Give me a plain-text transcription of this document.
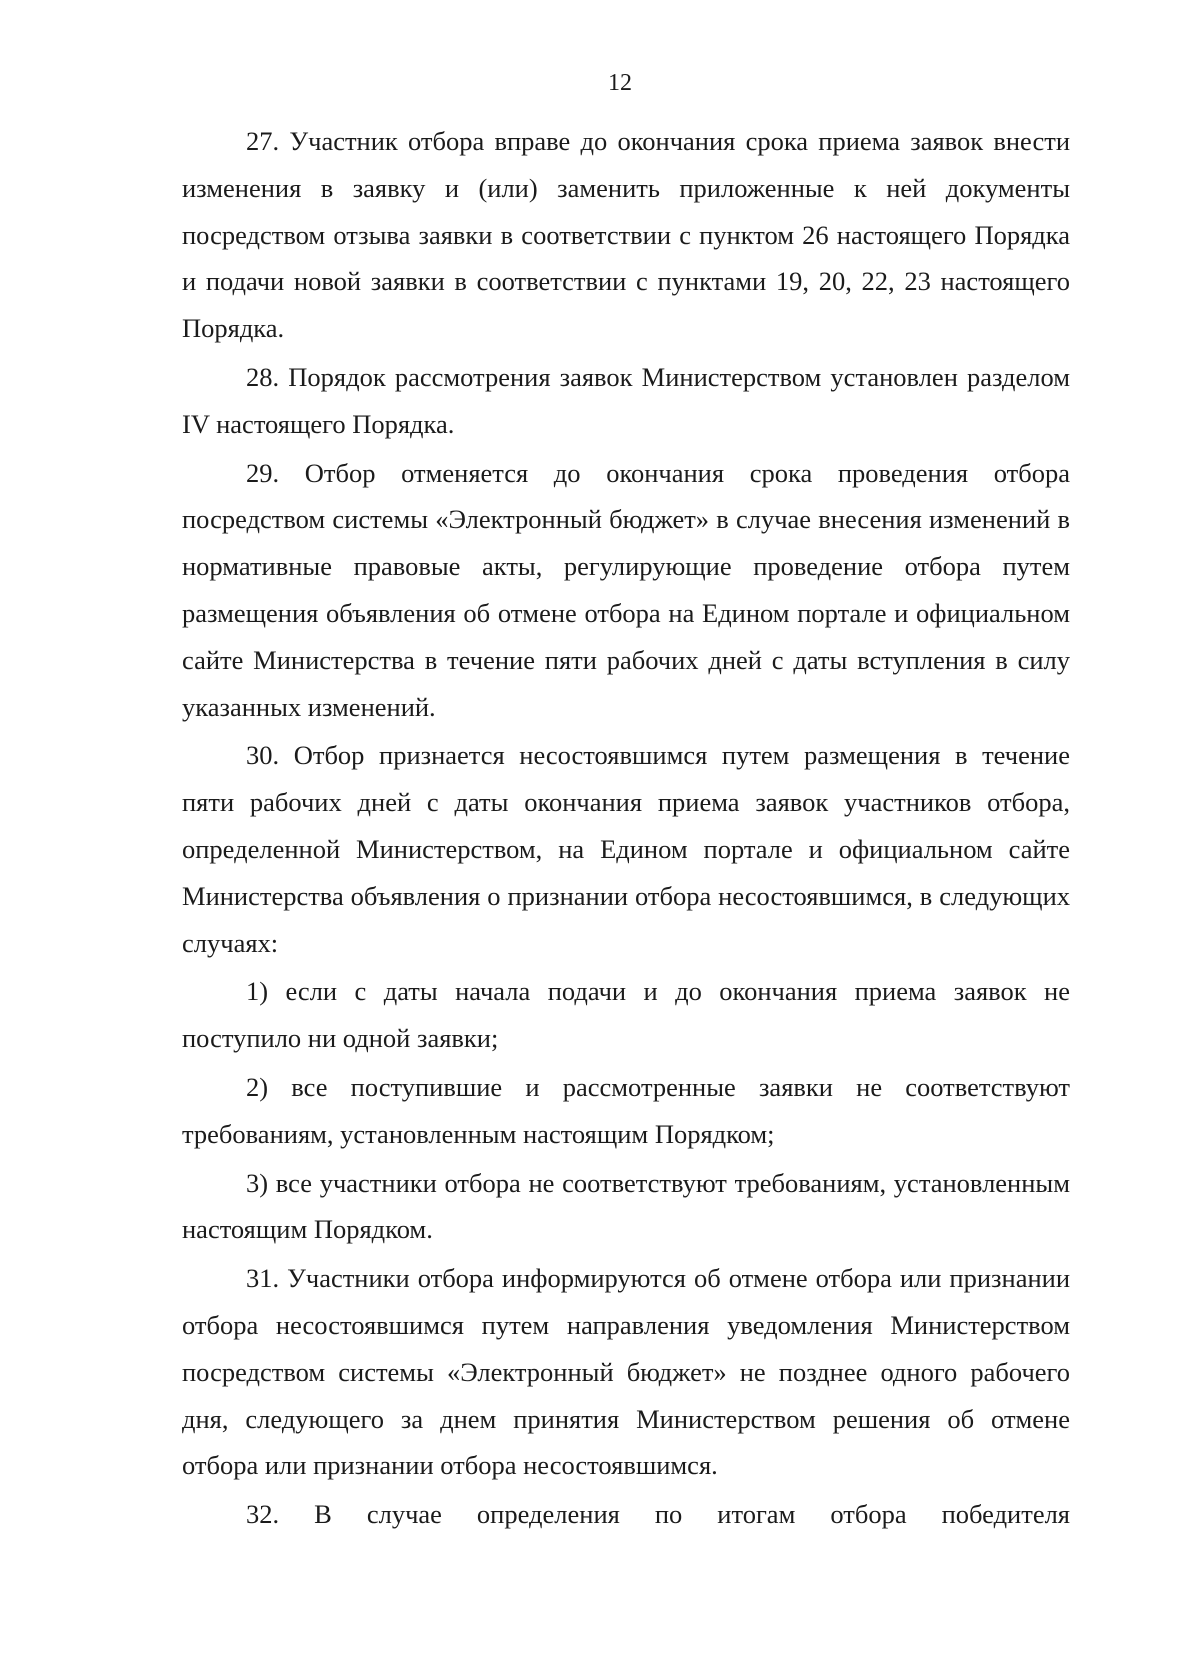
12

27. Участник отбора вправе до окончания срока приема заявок внести изменения в заявку и (или) заменить приложенные к ней документы посредством отзыва заявки в соответствии с пунктом 26 настоящего Порядка и подачи новой заявки в соответствии с пунктами 19, 20, 22, 23 настоящего Порядка.

28. Порядок рассмотрения заявок Министерством установлен разделом IV настоящего Порядка.

29. Отбор отменяется до окончания срока проведения отбора посредством системы «Электронный бюджет» в случае внесения изменений в нормативные правовые акты, регулирующие проведение отбора путем размещения объявления об отмене отбора на Едином портале и официальном сайте Министерства в течение пяти рабочих дней с даты вступления в силу указанных изменений.

30. Отбор признается несостоявшимся путем размещения в течение пяти рабочих дней с даты окончания приема заявок участников отбора, определенной Министерством, на Едином портале и официальном сайте Министерства объявления о признании отбора несостоявшимся, в следующих случаях:

1) если с даты начала подачи и до окончания приема заявок не поступило ни одной заявки;

2) все поступившие и рассмотренные заявки не соответствуют требованиям, установленным настоящим Порядком;

3) все участники отбора не соответствуют требованиям, установленным настоящим Порядком.

31. Участники отбора информируются об отмене отбора или признании отбора несостоявшимся путем направления уведомления Министерством посредством системы «Электронный бюджет» не позднее одного рабочего дня, следующего за днем принятия Министерством решения об отмене отбора или признании отбора несостоявшимся.

32. В случае определения по итогам отбора победителя
